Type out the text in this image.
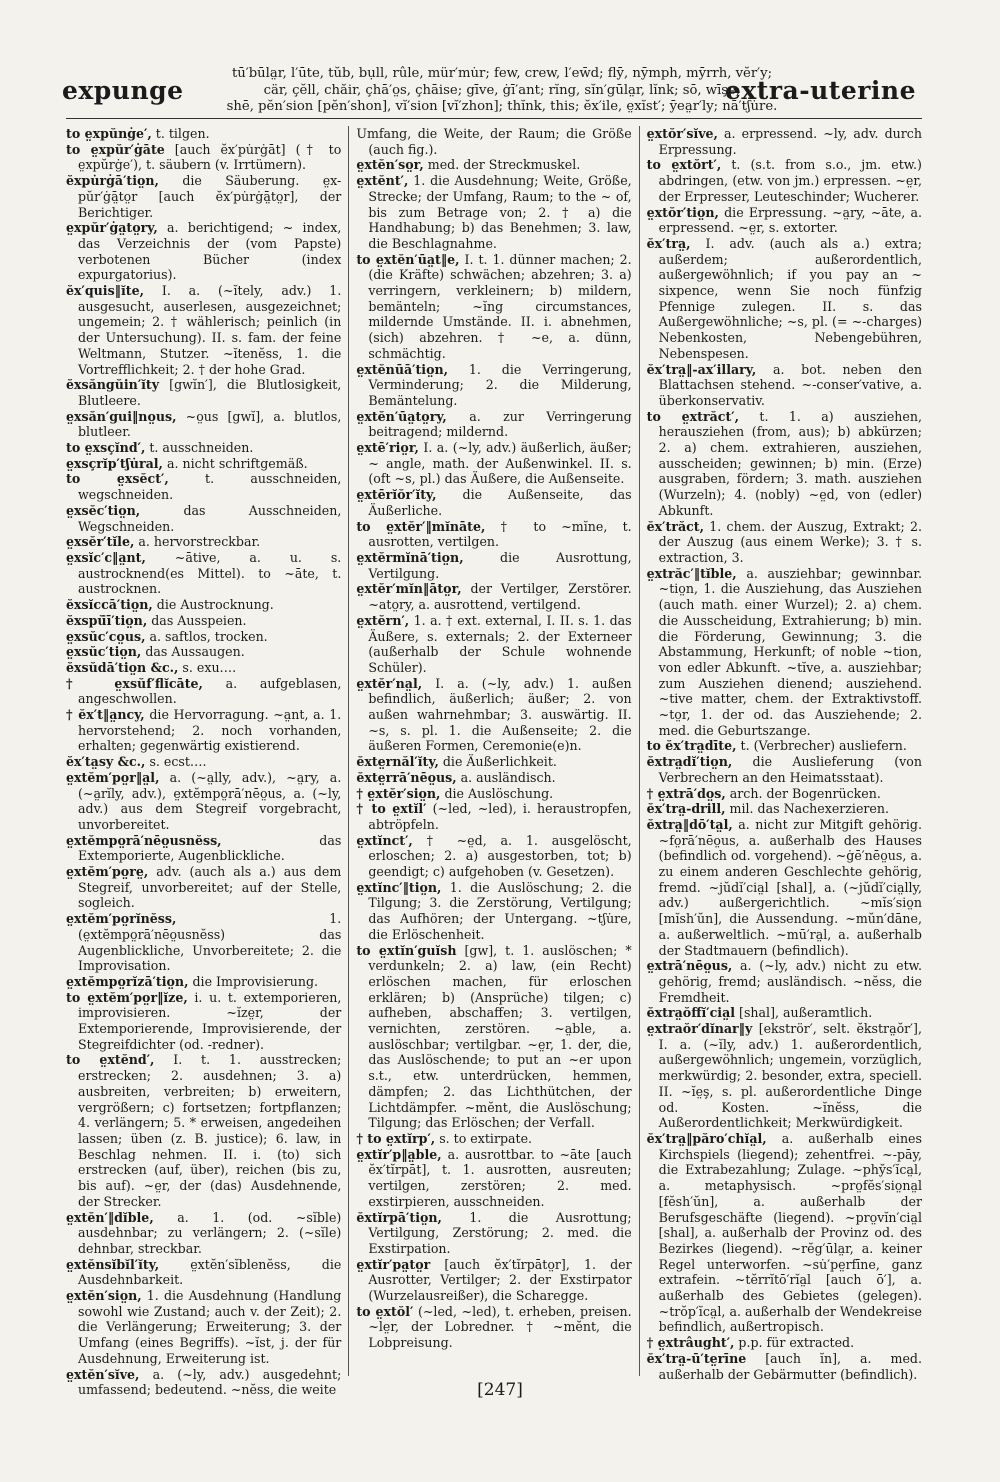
expunge
tū′būla̤r, l′ūte, tŭb, bụll, rûle, mür′mu̇r; few, crew, l′ew̄d; flȳ, nȳmph, mȳrrh, vĕr′y;
cär, çĕll, chăir, çhā′o̤s, çhāise; gīve, ġī′ant; rĭng, sĭn′gūla̤r, lĭnk; sō, wīşe;
shē, pĕn′sion [pĕn′shon], vĭ′sion [vĭ′zhon]; thĭnk, this; ĕx′ile, e̤xĭst′; ȳea̤r′ly; nā′tʃu̇re.
extra-uterine

to e̤xpŭnġe′, t. tilgen.

to e̤xpŭr′ġāte [auch ĕx′pu̇rġāt] († to e̤xpŭrġe′), t. säubern (v. Irrtümern).

ĕxpu̇rġā′tio̤n, die Säuberung. e̤x-pŭr′ġā̤to̤r [auch ĕx′pu̇rġā̤to̤r], der Berichtiger.

e̤xpŭr′ġa̤to̤ry, a. berichtigend; ~ index, das Verzeichnis der (vom Papste) verbotenen Bücher (index expurgatorius).

ĕx′quis‖ĭte, I. a. (~ĭtely, adv.) 1. ausgesucht, auserlesen, ausgezeichnet; ungemein; 2. † wählerisch; peinlich (in der Untersuchung). II. s. fam. der feine Weltmann, Stutzer. ~ĭtenĕss, 1. die Vortrefflichkeit; 2. † der hohe Grad.

ĕxsăngŭin′ĭty [gwĭn′], die Blutlosigkeit, Blutleere.

e̤xsăn′gui‖no̤us, ~o̤us [gwĭ], a. blutlos, blutleer.

to e̤xsçĭnd′, t. ausschneiden.

e̤xsçrĭp′tʃu̇ral, a. nicht schriftgemäß.

to e̤xsĕct′,	t. ausschneiden, wegschneiden.

e̤xsĕc′tio̤n,	das Ausschneiden, Wegschneiden.

e̤xsĕr′tĭle, a. hervorstreckbar.

e̤xsĭc′c‖a̤nt, ~ātive, a. u. s. austrocknend(es Mittel). to ~āte, t. austrocknen.

ĕxsĭccā′tio̤n, die Austrocknung.

ĕxspŭ̄ī′tio̤n, das Ausspeien.

e̤xsŭc′co̤us, a. saftlos, trocken.

e̤xsŭc′tio̤n, das Aussaugen.

ĕxsŭdā′tio̤n &c., s. exu….

† e̤xsŭf′flĭcāte, a. aufgeblasen, angeschwollen.

† ĕx′t‖a̤ncy, die Hervorragung. ~a̤nt, a. 1. hervorstehend; 2. noch vorhanden, erhalten; gegenwärtig existierend.

ĕx′ta̤sy &c., s. ecst….

e̤xtĕm′po̤r‖a̤l, a. (~a̤lly, adv.), ~a̤ry, a. (~a̤rĭly, adv.), e̤xtĕmpo̤rā′nēo̤us, a. (~ly, adv.) aus dem Stegreif vorgebracht, unvorbereitet.

e̤xtĕmpo̤rā′nēo̤usnĕss,	das Extemporierte, Augenblickliche.

e̤xtĕm′po̤re̤, adv. (auch als a.) aus dem Stegreif, unvorbereitet; auf der Stelle, sogleich.

e̤xtĕm′po̤rĭnĕss,	1. (e̤xtĕmpo̤rā′nēo̤usnĕss) das Augenblickliche, Unvorbereitete; 2. die Improvisation.

e̤xtĕmpo̤rĭzā′tio̤n, die Improvisierung.

to e̤xtĕm′po̤r‖ĭze, i. u. t. extemporieren, improvisieren. ~ĭze̤r, der Extemporierende, Improvisierende, der Stegreifdichter (od. -redner).

to e̤xtĕnd′, I. t. 1. ausstrecken; erstrecken; 2. ausdehnen; 3. a) ausbreiten, verbreiten; b) erweitern, vergrößern; c) fortsetzen; fortpflanzen; 4. verlängern; 5. * erweisen, angedeihen lassen; üben (z. B. justice); 6. law, in Beschlag nehmen. II. i. (to) sich erstrecken (auf, über), reichen (bis zu, bis auf). ~e̤r, der (das) Ausdehnende, der Strecker.

e̤xtĕn′‖dĭble, a. 1. (od. ~sĭble) ausdehnbar; zu verlängern; 2. (~sĭle) dehnbar, streckbar.

e̤xtĕnsĭbĭl′ĭty, e̤xtĕn′sĭblenĕss, die Ausdehnbarkeit.

e̤xtĕn′sio̤n, 1. die Ausdehnung (Handlung sowohl wie Zustand; auch v. der Zeit); 2. die Verlängerung; Erweiterung; 3. der Umfang (eines Begriffs). ~ĭst, j. der für Ausdehnung, Erweiterung ist.

e̤xtĕn′sĭve, a. (~ly, adv.) ausgedehnt; umfassend; bedeutend. ~nĕss, die weite

Umfang, die Weite, der Raum; die Größe (auch fig.).

e̤xtĕn′so̤r, med. der Streckmuskel.

e̤xtĕnt′, 1. die Ausdehnung; Weite, Größe, Strecke; der Umfang, Raum; to the ~ of, bis zum Betrage von; 2. † a) die Handhabung; b) das Benehmen; 3. law, die Beschlagnahme.

to e̤xtĕn′ūa̤t‖e, I. t. 1. dünner machen; 2. (die Kräfte) schwächen; abzehren; 3. a) verringern, verkleinern; b) mildern, bemänteln; ~ĭng circumstances, mildernde Umstände. II. i. abnehmen, (sich) abzehren. † ~e, a. dünn, schmächtig.

e̤xtĕnūā′tio̤n, 1. die Verringerung, Verminderung; 2. die Milderung, Bemäntelung.

e̤xtĕn′ūa̤to̤ry, a. zur Verringerung beitragend; mildernd.

e̤xtē′rio̤r, I. a. (~ly, adv.) äußerlich, äußer; ~ angle, math. der Außenwinkel. II. s. (oft ~s, pl.) das Äußere, die Außenseite.

e̤xtērĭŏr′ĭty, die Außenseite, das Äußerliche.

to e̤xtĕr′‖mĭnāte, † to ~mĭne, t. ausrotten, vertilgen.

e̤xtĕrmĭnā′tio̤n,	die Ausrottung, Vertilgung.

e̤xtĕr′mĭn‖āto̤r, der Vertilger, Zerstörer. ~ato̤ry, a. ausrottend, vertilgend.

e̤xtĕrn′, 1. a. † ext. external, I. II. s. 1. das Äußere, s. externals; 2. der Externeer (außerhalb der Schule wohnende Schüler).

e̤xtĕr′na̤l, I. a. (~ly, adv.) 1. außen befindlich, äußerlich; äußer; 2. von außen wahrnehmbar; 3. auswärtig. II. ~s, s. pl. 1. die Außenseite; 2. die äußeren Formen, Ceremonie(e)n.

ĕxte̤rnăl′ĭty, die Äußerlichkeit.

ĕxte̤rrā′nēo̤us, a. ausländisch.

† e̤xtĕr′sio̤n, die Auslöschung.

† to e̤xtĭl′ (~led, ~led), i. heraustropfen, abtröpfeln.

e̤xtĭnct′, † ~e̤d, a. 1. ausgelöscht, erloschen; 2. a) ausgestorben, tot; b) geendigt; c) aufgehoben (v. Gesetzen).

e̤xtĭnc′‖tio̤n, 1. die Auslöschung; 2. die Tilgung; 3. die Zerstörung, Vertilgung; das Aufhören; der Untergang. ~tʃu̇re, die Erlöschenheit.

to e̤xtĭn′guĭsh [gw], t. 1. auslöschen; * verdunkeln; 2. a) law, (ein Recht) erlöschen machen, für erloschen erklären; b) (Ansprüche) tilgen; c) aufheben, abschaffen; 3. vertilgen, vernichten, zerstören. ~a̤ble, a. auslöschbar; vertilgbar. ~e̤r, 1. der, die, das Auslöschende; to put an ~er upon s.t., etw. unterdrücken, hemmen, dämpfen; 2. das Lichthütchen, der Lichtdämpfer. ~mĕnt, die Auslöschung; Tilgung; das Erlöschen; der Verfall.

† to e̤xtĭrp′, s. to extirpate.

e̤xtĭr′p‖a̤ble, a. ausrottbar. to ~āte [auch ĕx′tĭrpāt], t. 1. ausrotten, ausreuten; vertilgen, zerstören; 2. med. exstirpieren, ausschneiden.

ĕxtĭrpā′tio̤n, 1. die Ausrottung; Vertilgung, Zerstörung; 2. med. die Exstirpation.

e̤xtĭr′pa̤to̤r [auch ĕx′tĭrpāto̤r], 1. der Ausrotter, Vertilger; 2. der Exstirpator (Wurzelausreißer), die Scharegge.

to e̤xtŏl′ (~led, ~led), t. erheben, preisen. ~le̤r, der Lobredner. † ~mĕnt, die Lobpreisung.

e̤xtŏr′sĭve, a. erpressend. ~ly, adv. durch Erpressung.

to e̤xtŏrt′, t. (s.t. from s.o., jm. etw.) abdringen, (etw. von jm.) erpressen. ~e̤r, der Erpresser, Leuteschinder; Wucherer.

e̤xtŏr′tio̤n, die Erpressung. ~a̤ry, ~āte, a. erpressend. ~e̤r, s. extorter.

ĕx′tra̤, I. adv. (auch als a.) extra; außerdem; außerordentlich, außergewöhnlich; if you pay an ~ sixpence, wenn Sie noch fünfzig Pfennige zulegen. II. s. das Außergewöhnliche; ~s, pl. (= ~-charges) Nebenkosten, Nebengebühren, Nebenspesen.

ĕx′tra̤‖-ax′illary, a. bot. neben den Blattachsen stehend. ~-conser′vative, a. überkonservativ.

to e̤xtrăct′, t. 1. a) ausziehen, herausziehen (from, aus); b) abkürzen; 2. a) chem. extrahieren, ausziehen, ausscheiden; gewinnen; b) min. (Erze) ausgraben, fördern; 3. math. ausziehen (Wurzeln); 4. (nobly) ~e̤d, von (edler) Abkunft.

ĕx′trăct, 1. chem. der Auszug, Extrakt; 2. der Auszug (aus einem Werke); 3. † s. extraction, 3.

e̤xtrăc′‖tĭble, a. ausziehbar; gewinnbar. ~tio̤n, 1. die Ausziehung, das Ausziehen (auch math. einer Wurzel); 2. a) chem. die Ausscheidung, Extrahierung; b) min. die Förderung, Gewinnung; 3. die Abstammung, Herkunft; of noble ~tion, von edler Abkunft. ~tĭve, a. ausziehbar; zum Ausziehen dienend; ausziehend. ~tive matter, chem. der Extraktivstoff. ~to̤r, 1. der od. das Ausziehende; 2. med. die Geburtszange.

to ĕx′tra̤dīte, t. (Verbrecher) ausliefern.

ĕxtra̤dĭ′tio̤n, die Auslieferung (von Verbrechern an den Heimatsstaat).

† e̤xtrā′do̤s, arch. der Bogenrücken.

ĕx′tra̤-drill, mil. das Nachexerzieren.

ĕxtra̤‖dō′ta̤l, a. nicht zur Mitgift gehörig. ~fo̤rā′nēo̤us, a. außerhalb des Hauses (befindlich od. vorgehend). ~ġē′nēo̤us, a. zu einem anderen Geschlechte gehörig, fremd. ~jŭdĭ′cia̤l [shal], a. (~jŭdĭ′cia̤lly, adv.) außergerichtlich. ~mĭs′sio̤n [mĭsh′ŭn], die Aussendung. ~mŭn′dāne, a. außerweltlich. ~mū′ra̤l, a. außerhalb der Stadtmauern (befindlich).

e̤xtrā′nēo̤us, a. (~ly, adv.) nicht zu etw. gehörig, fremd; ausländisch. ~nĕss, die Fremdheit.

ĕxtra̤ŏffĭ′cia̤l [shal], außeramtlich.

e̤xtraŏr′dĭnar‖y [ekströr′, selt. ĕkstra̤ŏr′], I. a. (~ĭly, adv.) 1. außerordentlich, außergewöhnlich; ungemein, vorzüglich, merkwürdig; 2. besonder, extra, speciell. II. ~ĭe̤ş, s. pl. außerordentliche Dinge od. Kosten. ~ĭnĕss, die Außerordentlichkeit; Merkwürdigkeit.

ĕx′tra̤‖păro′chĭa̤l, a. außerhalb eines Kirchspiels (liegend); zehentfrei. ~-pāy, die Extrabezahlung; Zulage. ~phy̆s′ĭca̤l, a. metaphysisch. ~pro̤fĕs′sio̤na̤l [fĕsh′ŭn], a. außerhalb der Berufsgeschäfte (liegend). ~pro̤vĭn′cia̤l [shal], a. außerhalb der Provinz od. des Bezirkes (liegend). ~rĕg′ūla̤r, a. keiner Regel unterworfen. ~su̇′pe̤rfīne, ganz extrafein. ~tĕrrĭtō′rĭa̤l [auch ō′], a. außerhalb des Gebietes (gelegen). ~trŏp′ĭca̤l, a. außerhalb der Wendekreise befindlich, außertropisch.

† e̤xtrâught′, p.p. für extracted.

ĕx′tra̤-ū′te̤rīne [auch ĭn], a. med. außerhalb der Gebärmutter (befindlich).

[247]
